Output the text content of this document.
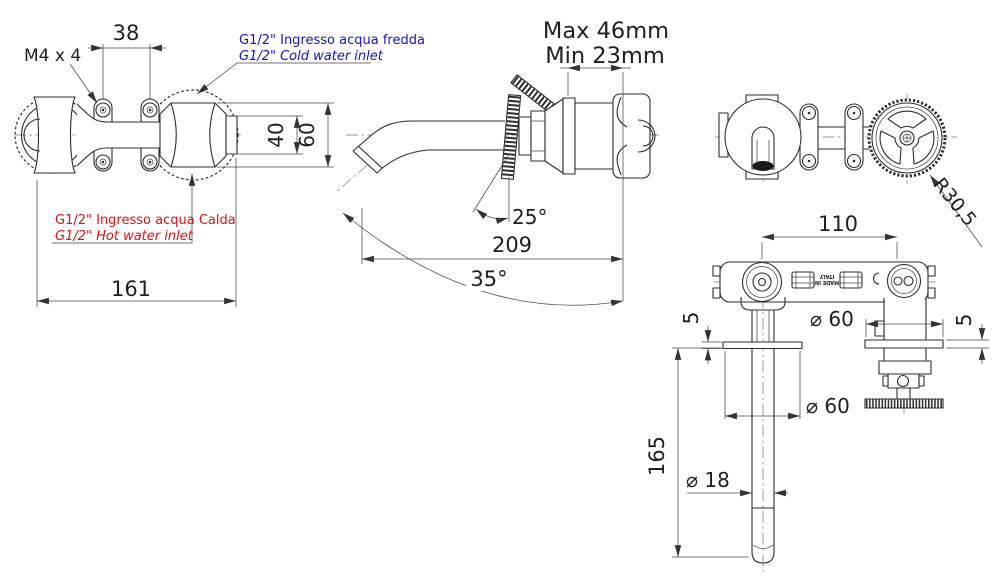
38
M4 x 4
G1/2" Ingresso acqua fredda
G1/2" Cold water inlet
G1/2" Ingresso acqua Calda
G1/2" Hot water inlet
40 60
161
Max 46mm
Min 23mm
25°
209
35°
R30,5
MADE IN
ITALY
110
⌀ 60
⌀ 18
165
5	⌀ 60	5
